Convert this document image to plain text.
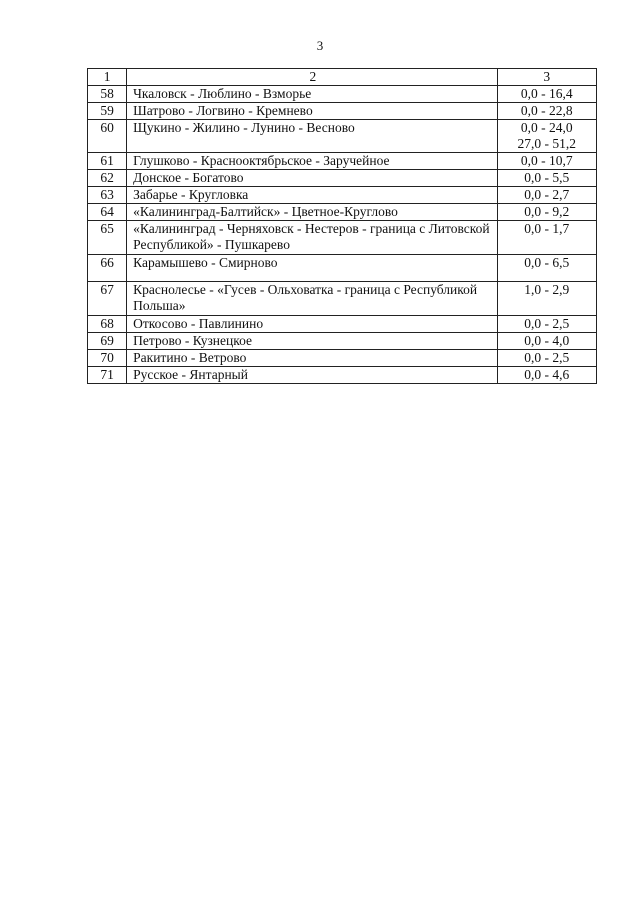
3
1	2	3
58	Чкаловск - Люблино - Взморье	0,0 - 16,4

59	Шатрово - Логвино - Кремнево	0,0 - 22,8

60	Щукино - Жилино - Лунино - Весново	0,0 - 24,0
27,0 - 51,2

61	Глушково - Краснооктябрьское - Заручейное	0,0 - 10,7

62	Донское - Богатово	0,0 - 5,5

63	Забарье - Кругловка	0,0 - 2,7

64	«Калининград-Балтийск» - Цветное-Круглово	0,0 - 9,2

65	«Калининград - Черняховск - Нестеров - граница с Литовской Республикой» - Пушкарево	0,0 - 1,7

66	Карамышево - Смирново	0,0 - 6,5

67	Краснолесье - «Гусев - Ольховатка - граница с Республикой Польша»	1,0 - 2,9

68	Откосово - Павлинино	0,0 - 2,5

69	Петрово - Кузнецкое	0,0 - 4,0

70	Ракитино - Ветрово	0,0 - 2,5

71	Русское - Янтарный	0,0 - 4,6
